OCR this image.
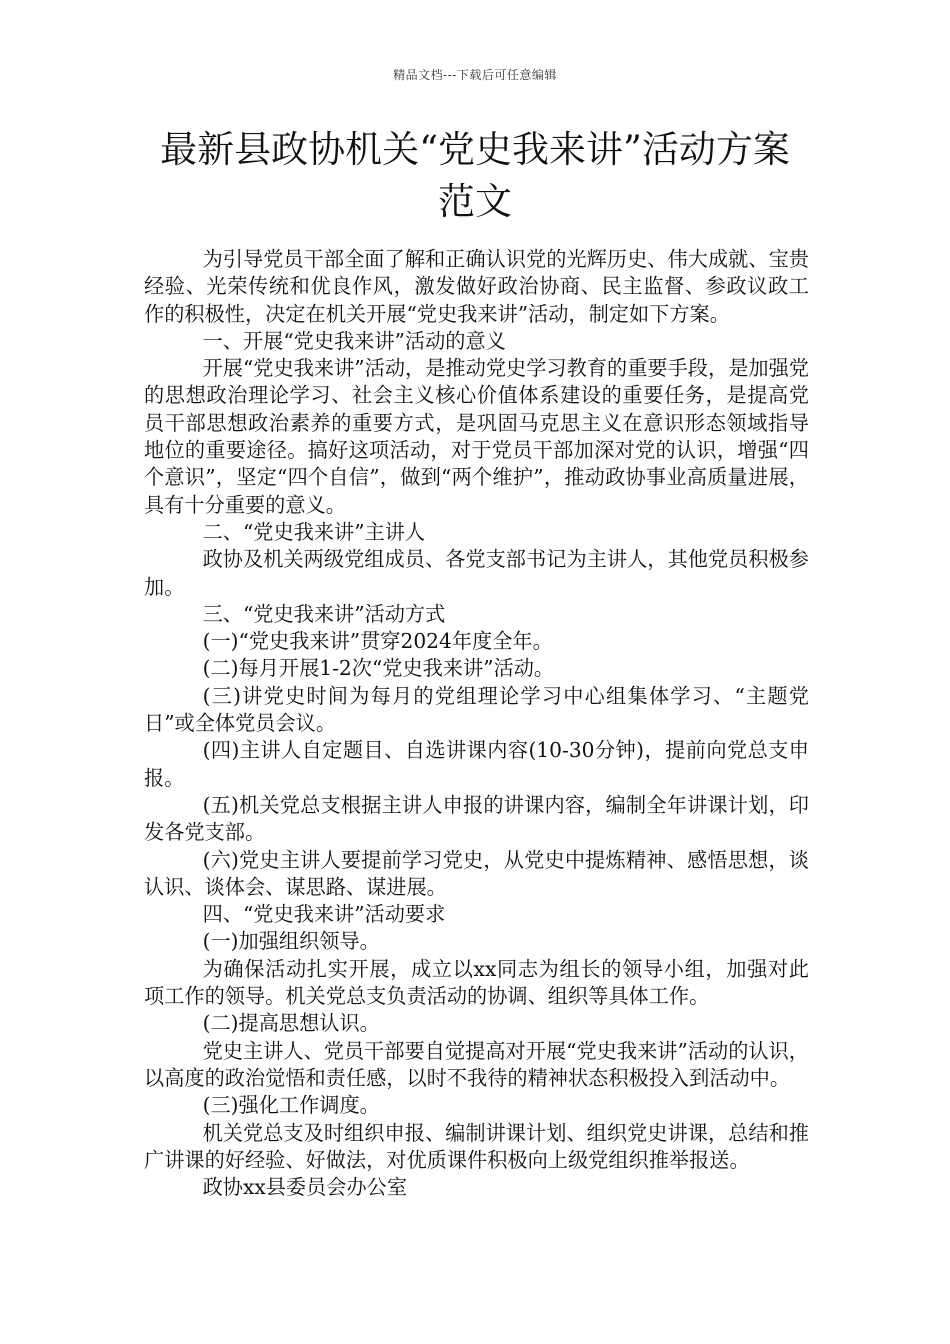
精品文档---下载后可任意编辑
最新县政协机关“党史我来讲”活动方案
范文

为引导党员干部全面了解和正确认识党的光辉历史、伟大成就、宝贵经验、光荣传统和优良作风，激发做好政治协商、民主监督、参政议政工作的积极性，决定在机关开展“党史我来讲”活动，制定如下方案。

一、开展“党史我来讲”活动的意义

开展“党史我来讲”活动，是推动党史学习教育的重要手段，是加强党的思想政治理论学习、社会主义核心价值体系建设的重要任务，是提高党员干部思想政治素养的重要方式，是巩固马克思主义在意识形态领域指导地位的重要途径。搞好这项活动，对于党员干部加深对党的认识，增强“四个意识”，坚定“四个自信”，做到“两个维护”，推动政协事业高质量进展，具有十分重要的意义。

二、“党史我来讲”主讲人

政协及机关两级党组成员、各党支部书记为主讲人，其他党员积极参加。

三、“党史我来讲”活动方式

(一)“党史我来讲”贯穿2024年度全年。

(二)每月开展1-2次“党史我来讲”活动。

(三)讲党史时间为每月的党组理论学习中心组集体学习、“主题党日”或全体党员会议。

(四)主讲人自定题目、自选讲课内容(10-30分钟)，提前向党总支申报。

(五)机关党总支根据主讲人申报的讲课内容，编制全年讲课计划，印发各党支部。

(六)党史主讲人要提前学习党史，从党史中提炼精神、感悟思想，谈认识、谈体会、谋思路、谋进展。

四、“党史我来讲”活动要求

(一)加强组织领导。

为确保活动扎实开展，成立以xx同志为组长的领导小组，加强对此项工作的领导。机关党总支负责活动的协调、组织等具体工作。

(二)提高思想认识。

党史主讲人、党员干部要自觉提高对开展“党史我来讲”活动的认识，以高度的政治觉悟和责任感，以时不我待的精神状态积极投入到活动中。

(三)强化工作调度。

机关党总支及时组织申报、编制讲课计划、组织党史讲课，总结和推广讲课的好经验、好做法，对优质课件积极向上级党组织推举报送。

政协xx县委员会办公室
